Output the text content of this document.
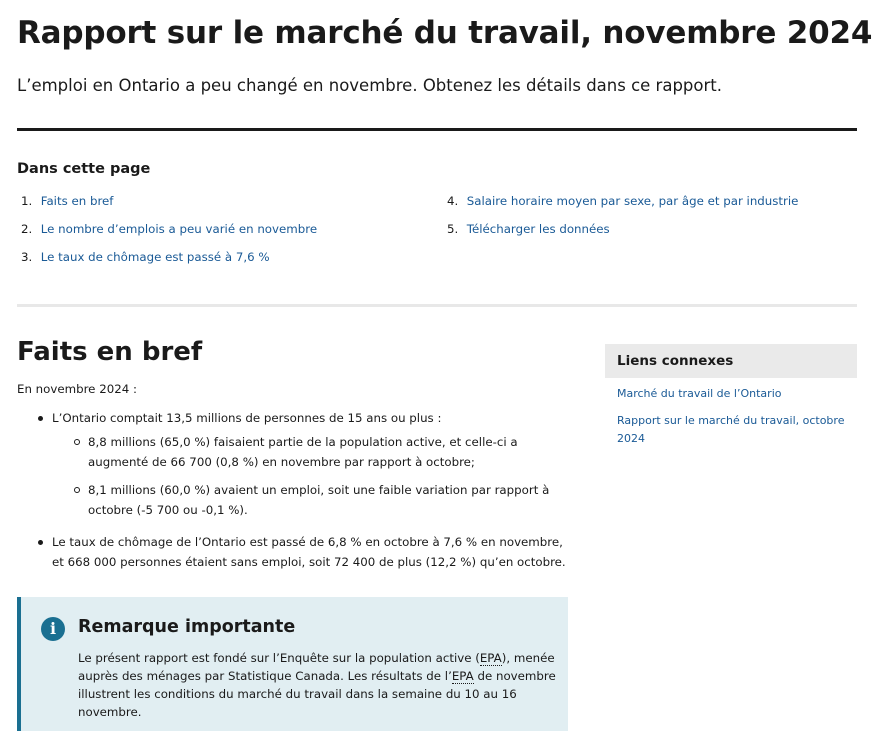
Rapport sur le marché du travail, novembre 2024

L’emploi en Ontario a peu changé en novembre. Obtenez les détails dans ce rapport.

Dans cette page
1. Faits en bref
2. Le nombre d’emplois a peu varié en novembre
3. Le taux de chômage est passé à 7,6 %
4. Salaire horaire moyen par sexe, par âge et par industrie
5. Télécharger les données
Faits en bref

En novembre 2024 :

L’Ontario comptait 13,5 millions de personnes de 15 ans ou plus :
8,8 millions (65,0 %) faisaient partie de la population active, et celle-ci a augmenté de 66 700 (0,8 %) en novembre par rapport à octobre;
8,1 millions (60,0 %) avaient un emploi, soit une faible variation par rapport à octobre (-5 700 ou -0,1 %).
Le taux de chômage de l’Ontario est passé de 6,8 % en octobre à 7,6 % en novembre, et 668 000 personnes étaient sans emploi, soit 72 400 de plus (12,2 %) qu’en octobre.
i	Remarque importante

Le présent rapport est fondé sur l’Enquête sur la population active (EPA), menée auprès des ménages par Statistique Canada. Les résultats de l’EPA de novembre illustrent les conditions du marché du travail dans la semaine du 10 au 16 novembre.

Liens connexes
Marché du travail de l’Ontario
Rapport sur le marché du travail, octobre 2024
